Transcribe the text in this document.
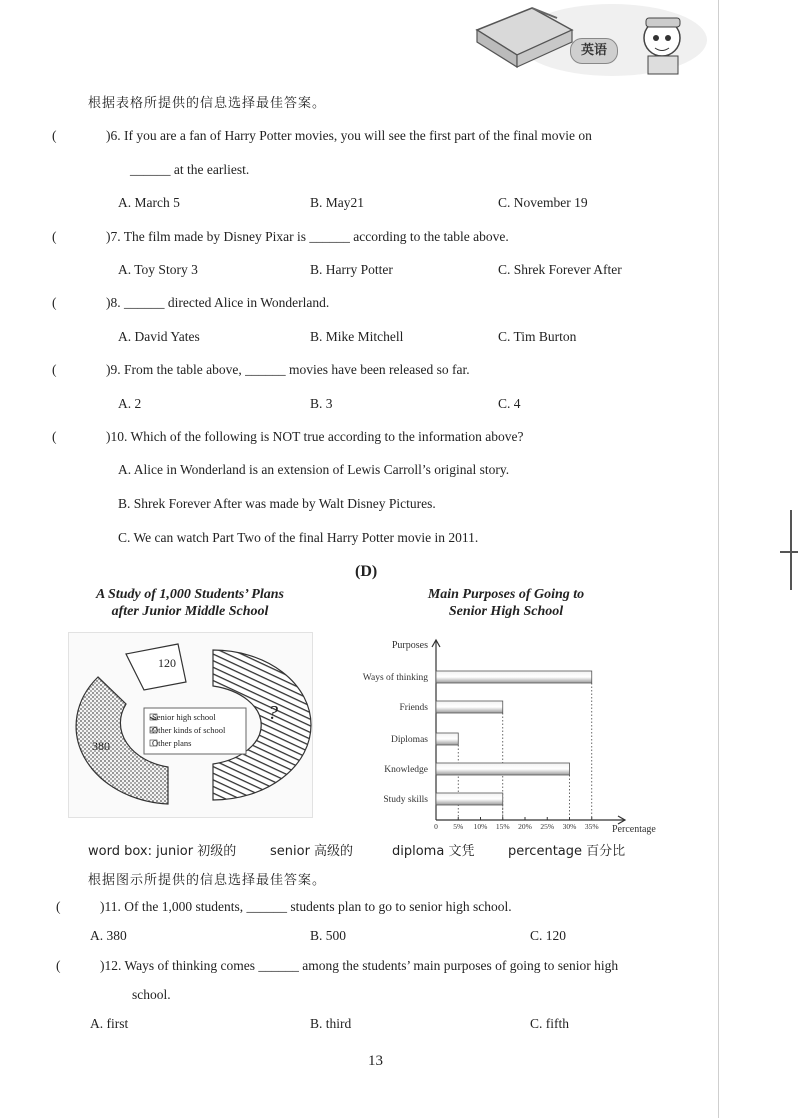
英语
根据表格所提供的信息选择最佳答案。
(	)6. If you are a fan of Harry Potter movies, you will see the first part of the final movie on
______ at the earliest.
A. March 5	B. May21	C. November 19
(	)7. The film made by Disney Pixar is ______ according to the table above.
A. Toy Story 3	B. Harry Potter	C. Shrek Forever After
(	)8. ______ directed Alice in Wonderland.
A. David Yates	B. Mike Mitchell	C. Tim Burton
(	)9. From the table above, ______ movies have been released so far.
A. 2	B. 3	C. 4
(	)10. Which of the following is NOT true according to the information above?
A. Alice in Wonderland is an extension of Lewis Carroll’s original story.
B. Shrek Forever After was made by Walt Disney Pictures.
C. We can watch Part Two of the final Harry Potter movie in 2011.
(D)
A Study of 1,000 Students’ Plans
after Junior Middle School
120
380
?
Senior high school
Other kinds of school
Other plans
Main Purposes of Going to
Senior High School
Purposes
Percentage
0 5% 10% 15% 20% 25% 30% 35%
Ways of thinking
Friends
Diplomas
Knowledge
Study skills
word box: junior 初级的	senior 高级的	diploma 文凭	percentage 百分比
根据图示所提供的信息选择最佳答案。
(	)11. Of the 1,000 students, ______ students plan to go to senior high school.
A. 380	B. 500	C. 120
(	)12. Ways of thinking comes ______ among the students’ main purposes of going to senior high
school.
A. first	B. third	C. fifth
13
